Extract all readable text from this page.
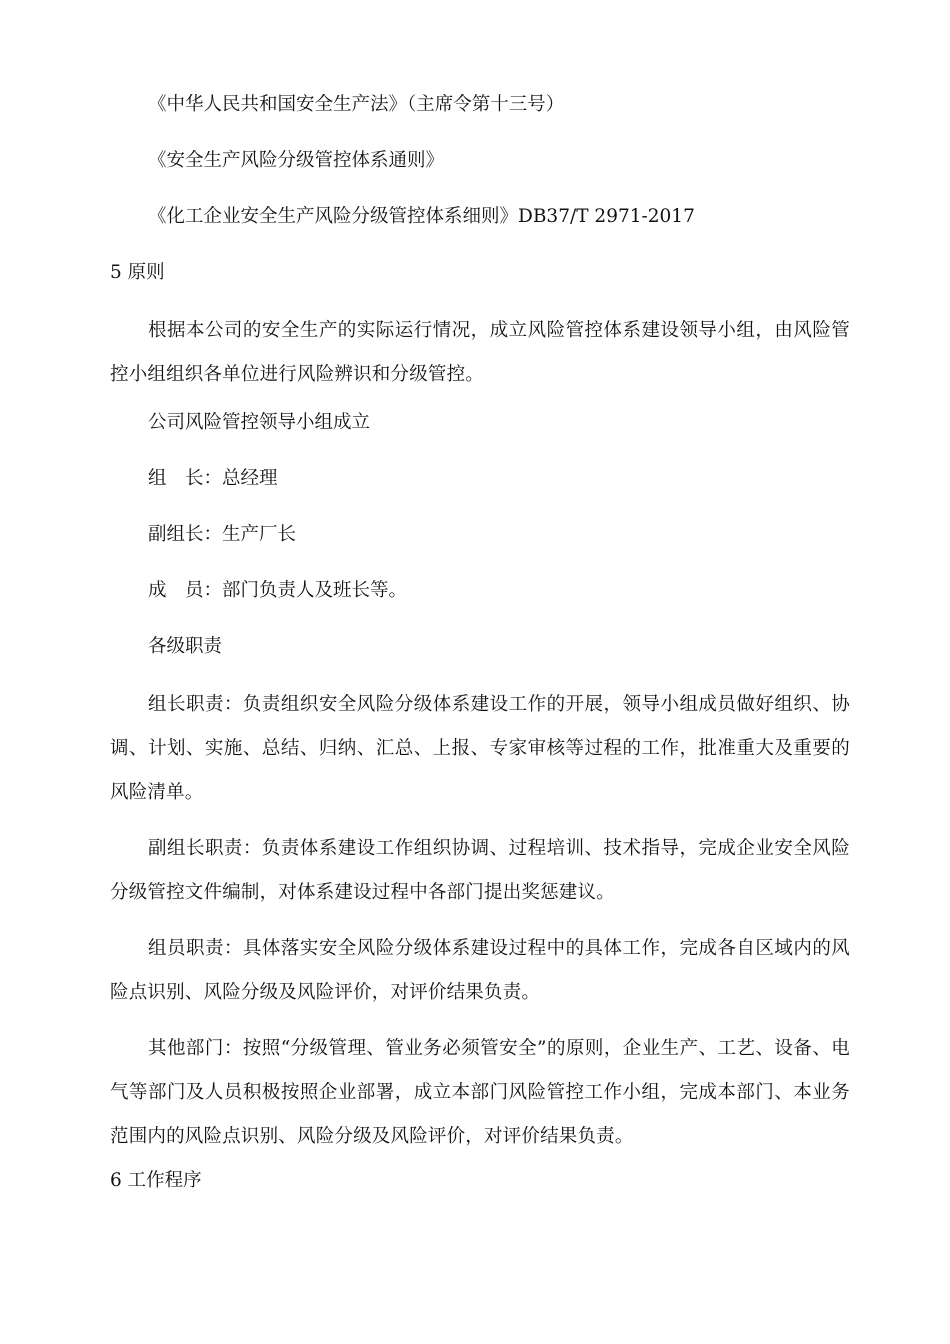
《中华人民共和国安全生产法》（主席令第十三号）
《安全生产风险分级管控体系通则》
《化工企业安全生产风险分级管控体系细则》DB37/T 2971-2017
5 原则
根据本公司的安全生产的实际运行情况，成立风险管控体系建设领导小组，由风险管控小组组织各单位进行风险辨识和分级管控。
公司风险管控领导小组成立
组　长：总经理
副组长：生产厂长
成　员：部门负责人及班长等。
各级职责
组长职责：负责组织安全风险分级体系建设工作的开展，领导小组成员做好组织、协调、计划、实施、总结、归纳、汇总、上报、专家审核等过程的工作，批准重大及重要的风险清单。
副组长职责：负责体系建设工作组织协调、过程培训、技术指导，完成企业安全风险分级管控文件编制，对体系建设过程中各部门提出奖惩建议。
组员职责：具体落实安全风险分级体系建设过程中的具体工作，完成各自区域内的风险点识别、风险分级及风险评价，对评价结果负责。
其他部门：按照“分级管理、管业务必须管安全”的原则，企业生产、工艺、设备、电气等部门及人员积极按照企业部署，成立本部门风险管控工作小组，完成本部门、本业务范围内的风险点识别、风险分级及风险评价，对评价结果负责。
6 工作程序
